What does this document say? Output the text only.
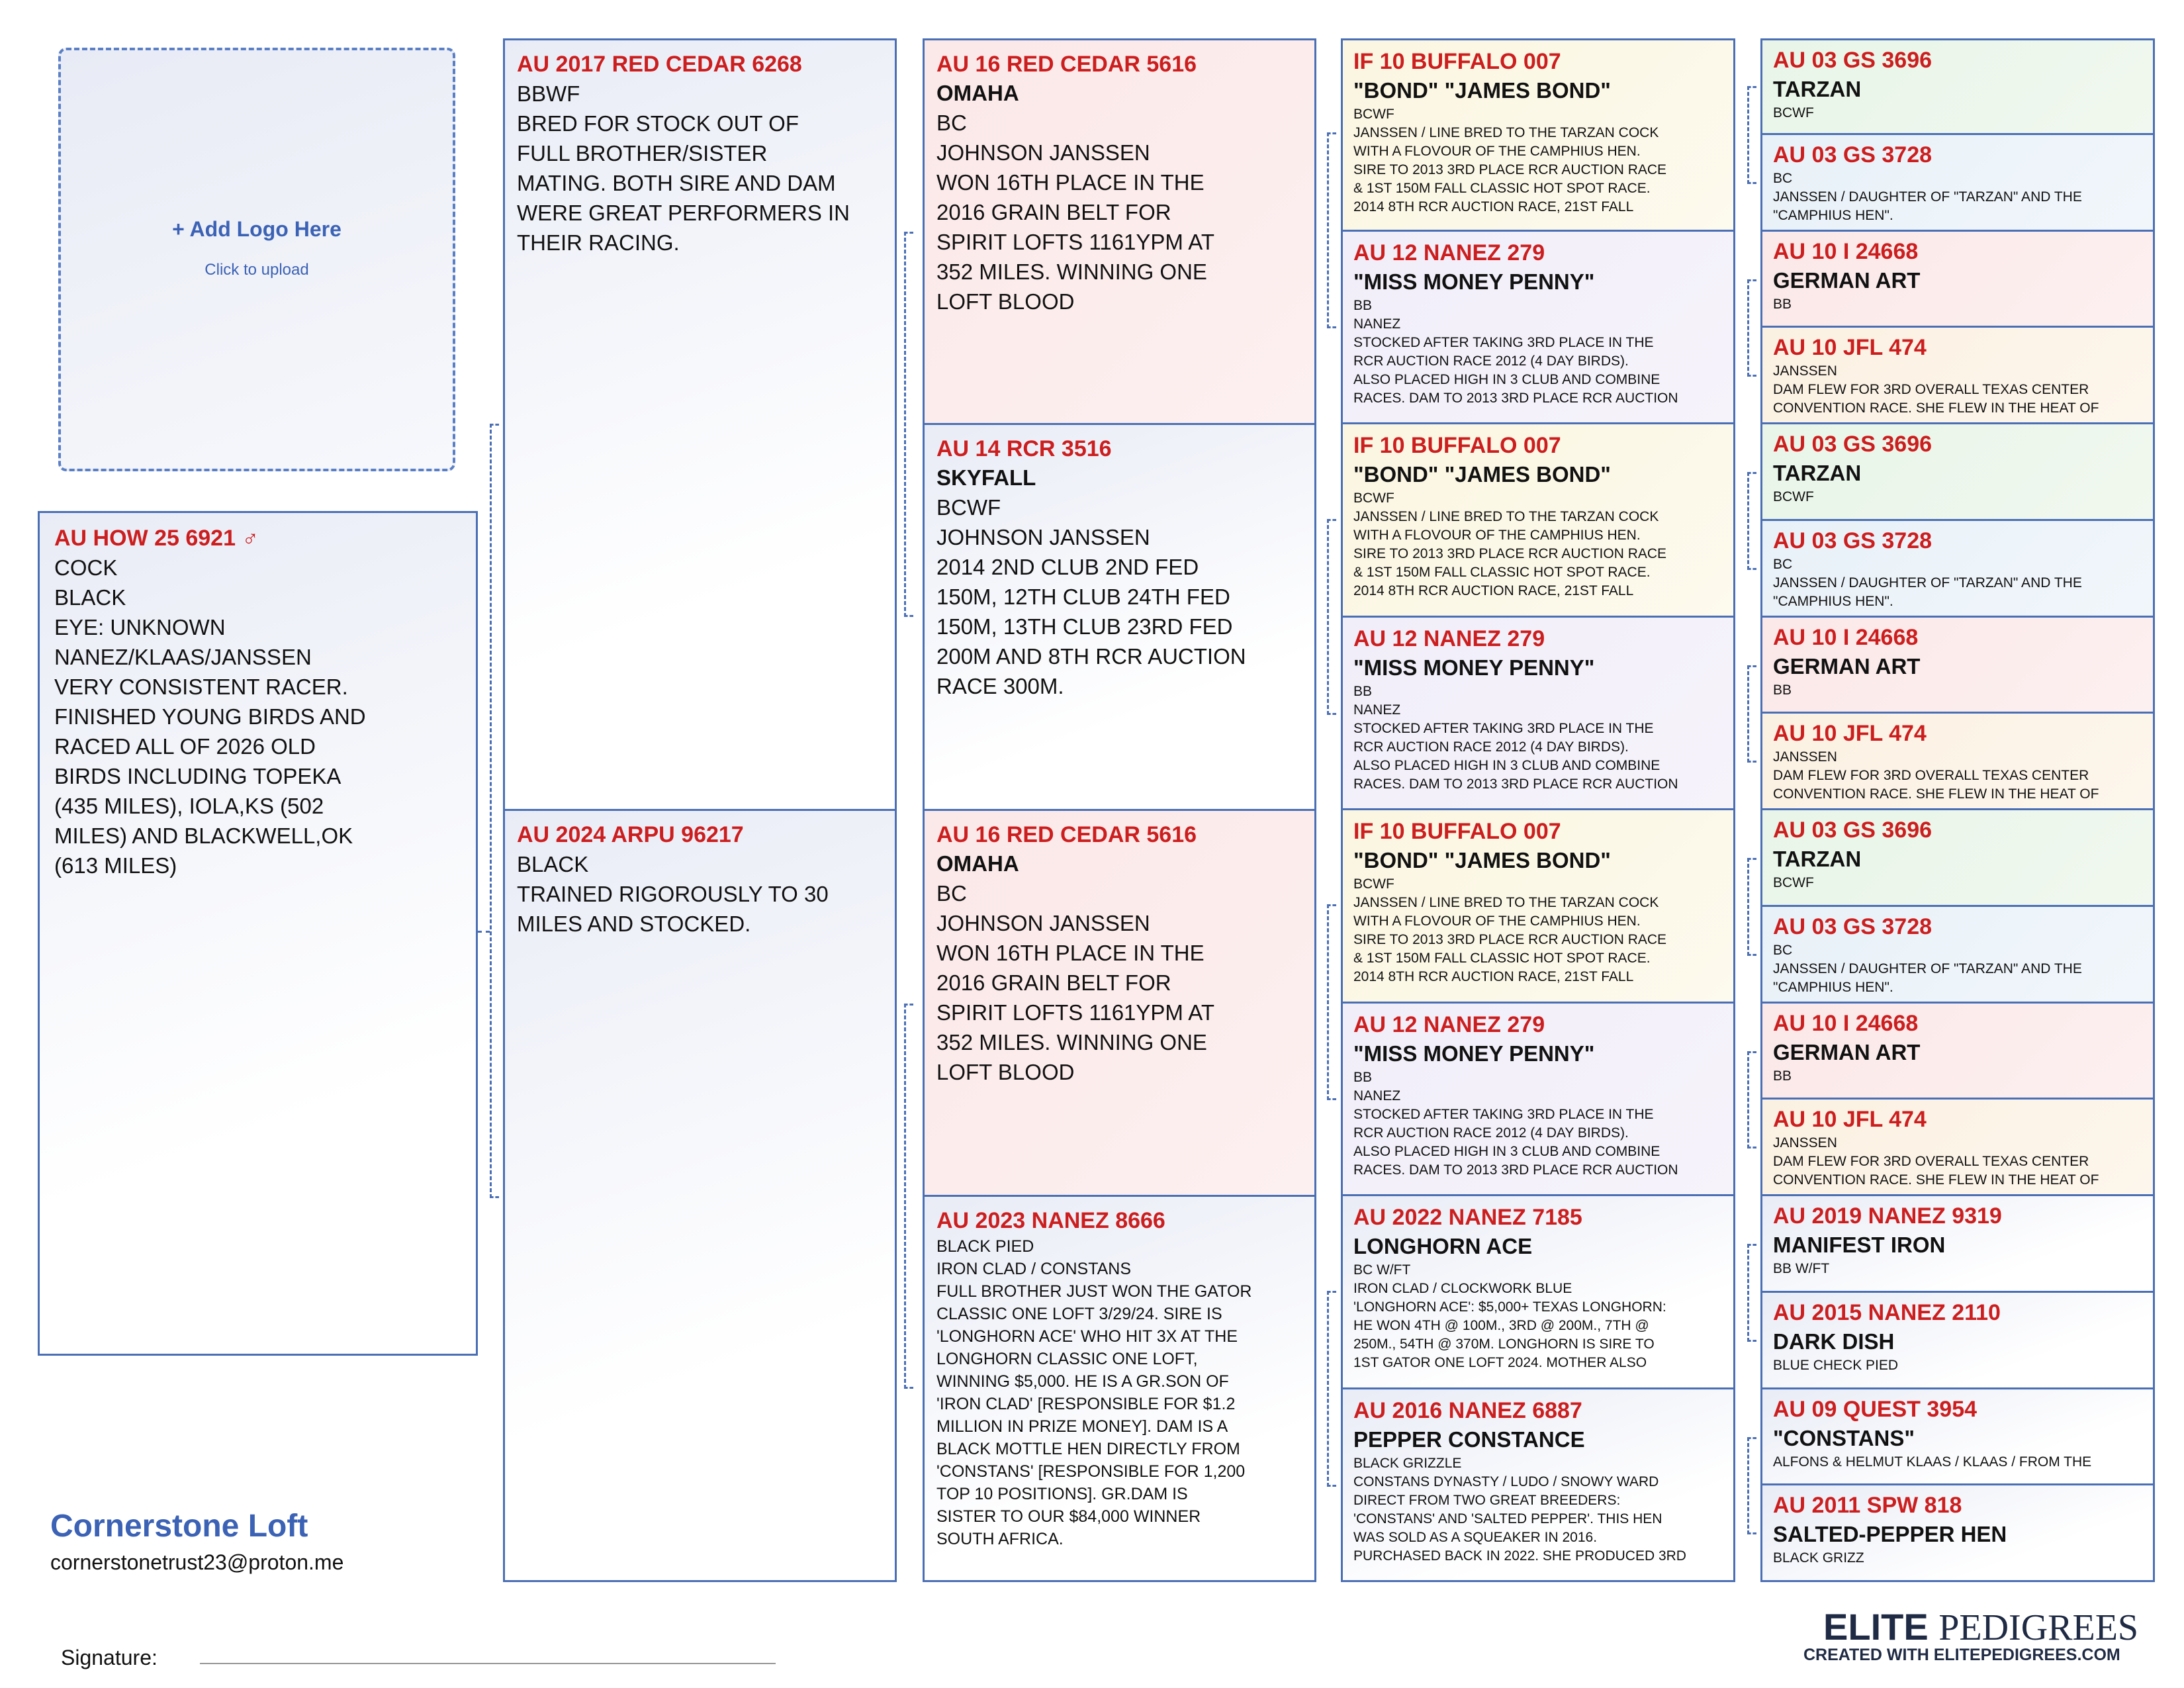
+ Add Logo Here
Click to upload
AU HOW 25 6921 ♂
COCK
BLACK
EYE: UNKNOWN
NANEZ/KLAAS/JANSSEN
VERY CONSISTENT RACER.
FINISHED YOUNG BIRDS AND
RACED ALL OF 2026 OLD
BIRDS INCLUDING TOPEKA
(435 MILES), IOLA,KS (502
MILES) AND BLACKWELL,OK
(613 MILES)
AU 2017 RED CEDAR 6268
BBWF
BRED FOR STOCK OUT OF
FULL BROTHER/SISTER
MATING. BOTH SIRE AND DAM
WERE GREAT PERFORMERS IN
THEIR RACING.
AU 2024 ARPU 96217
BLACK
TRAINED RIGOROUSLY TO 30
MILES AND STOCKED.
AU 16 RED CEDAR 5616
OMAHA
BC
JOHNSON JANSSEN
WON 16TH PLACE IN THE
2016 GRAIN BELT FOR
SPIRIT LOFTS 1161YPM AT
352 MILES. WINNING ONE
LOFT BLOOD
AU 14 RCR 3516
SKYFALL
BCWF
JOHNSON JANSSEN
2014 2ND CLUB 2ND FED
150M, 12TH CLUB 24TH FED
150M, 13TH CLUB 23RD FED
200M AND 8TH RCR AUCTION
RACE 300M.
AU 16 RED CEDAR 5616
OMAHA
BC
JOHNSON JANSSEN
WON 16TH PLACE IN THE
2016 GRAIN BELT FOR
SPIRIT LOFTS 1161YPM AT
352 MILES. WINNING ONE
LOFT BLOOD
AU 2023 NANEZ 8666
BLACK PIED
IRON CLAD / CONSTANS
FULL BROTHER JUST WON THE GATOR
CLASSIC ONE LOFT 3/29/24. SIRE IS
'LONGHORN ACE' WHO HIT 3X AT THE
LONGHORN CLASSIC ONE LOFT,
WINNING $5,000. HE IS A GR.SON OF
'IRON CLAD' [RESPONSIBLE FOR $1.2
MILLION IN PRIZE MONEY]. DAM IS A
BLACK MOTTLE HEN DIRECTLY FROM
'CONSTANS' [RESPONSIBLE FOR 1,200
TOP 10 POSITIONS]. GR.DAM IS
SISTER TO OUR $84,000 WINNER
SOUTH AFRICA.
IF 10 BUFFALO 007
"BOND" "JAMES BOND"
BCWF
JANSSEN / LINE BRED TO THE TARZAN COCK
WITH A FLOVOUR OF THE CAMPHIUS HEN.
SIRE TO 2013 3RD PLACE RCR AUCTION RACE
& 1ST 150M FALL CLASSIC HOT SPOT RACE.
2014 8TH RCR AUCTION RACE, 21ST FALL
AU 12 NANEZ 279
"MISS MONEY PENNY"
BB
NANEZ
STOCKED AFTER TAKING 3RD PLACE IN THE
RCR AUCTION RACE 2012 (4 DAY BIRDS).
ALSO PLACED HIGH IN 3 CLUB AND COMBINE
RACES. DAM TO 2013 3RD PLACE RCR AUCTION
IF 10 BUFFALO 007
"BOND" "JAMES BOND"
BCWF
JANSSEN / LINE BRED TO THE TARZAN COCK
WITH A FLOVOUR OF THE CAMPHIUS HEN.
SIRE TO 2013 3RD PLACE RCR AUCTION RACE
& 1ST 150M FALL CLASSIC HOT SPOT RACE.
2014 8TH RCR AUCTION RACE, 21ST FALL
AU 12 NANEZ 279
"MISS MONEY PENNY"
BB
NANEZ
STOCKED AFTER TAKING 3RD PLACE IN THE
RCR AUCTION RACE 2012 (4 DAY BIRDS).
ALSO PLACED HIGH IN 3 CLUB AND COMBINE
RACES. DAM TO 2013 3RD PLACE RCR AUCTION
IF 10 BUFFALO 007
"BOND" "JAMES BOND"
BCWF
JANSSEN / LINE BRED TO THE TARZAN COCK
WITH A FLOVOUR OF THE CAMPHIUS HEN.
SIRE TO 2013 3RD PLACE RCR AUCTION RACE
& 1ST 150M FALL CLASSIC HOT SPOT RACE.
2014 8TH RCR AUCTION RACE, 21ST FALL
AU 12 NANEZ 279
"MISS MONEY PENNY"
BB
NANEZ
STOCKED AFTER TAKING 3RD PLACE IN THE
RCR AUCTION RACE 2012 (4 DAY BIRDS).
ALSO PLACED HIGH IN 3 CLUB AND COMBINE
RACES. DAM TO 2013 3RD PLACE RCR AUCTION
AU 2022 NANEZ 7185
LONGHORN ACE
BC W/FT
IRON CLAD / CLOCKWORK BLUE
'LONGHORN ACE': $5,000+ TEXAS LONGHORN:
HE WON 4TH @ 100M., 3RD @ 200M., 7TH @
250M., 54TH @ 370M. LONGHORN IS SIRE TO
1ST GATOR ONE LOFT 2024. MOTHER ALSO
AU 2016 NANEZ 6887
PEPPER CONSTANCE
BLACK GRIZZLE
CONSTANS DYNASTY / LUDO / SNOWY WARD
DIRECT FROM TWO GREAT BREEDERS:
'CONSTANS' AND 'SALTED PEPPER'. THIS HEN
WAS SOLD AS A SQUEAKER IN 2016.
PURCHASED BACK IN 2022. SHE PRODUCED 3RD
AU 03 GS 3696
TARZAN
BCWF
AU 03 GS 3728
BC
JANSSEN / DAUGHTER OF "TARZAN" AND THE
"CAMPHIUS HEN".
AU 10 I 24668
GERMAN ART
BB
AU 10 JFL 474
JANSSEN
DAM FLEW FOR 3RD OVERALL TEXAS CENTER
CONVENTION RACE. SHE FLEW IN THE HEAT OF
AU 03 GS 3696
TARZAN
BCWF
AU 03 GS 3728
BC
JANSSEN / DAUGHTER OF "TARZAN" AND THE
"CAMPHIUS HEN".
AU 10 I 24668
GERMAN ART
BB
AU 10 JFL 474
JANSSEN
DAM FLEW FOR 3RD OVERALL TEXAS CENTER
CONVENTION RACE. SHE FLEW IN THE HEAT OF
AU 03 GS 3696
TARZAN
BCWF
AU 03 GS 3728
BC
JANSSEN / DAUGHTER OF "TARZAN" AND THE
"CAMPHIUS HEN".
AU 10 I 24668
GERMAN ART
BB
AU 10 JFL 474
JANSSEN
DAM FLEW FOR 3RD OVERALL TEXAS CENTER
CONVENTION RACE. SHE FLEW IN THE HEAT OF
AU 2019 NANEZ 9319
MANIFEST IRON
BB W/FT
AU 2015 NANEZ 2110
DARK DISH
BLUE CHECK PIED
AU 09 QUEST 3954
"CONSTANS"
ALFONS & HELMUT KLAAS / KLAAS / FROM THE
AU 2011 SPW 818
SALTED-PEPPER HEN
BLACK GRIZZ
Cornerstone Loft
cornerstonetrust23@proton.me
Signature:
ELITE PEDIGREES
CREATED WITH ELITEPEDIGREES.COM
